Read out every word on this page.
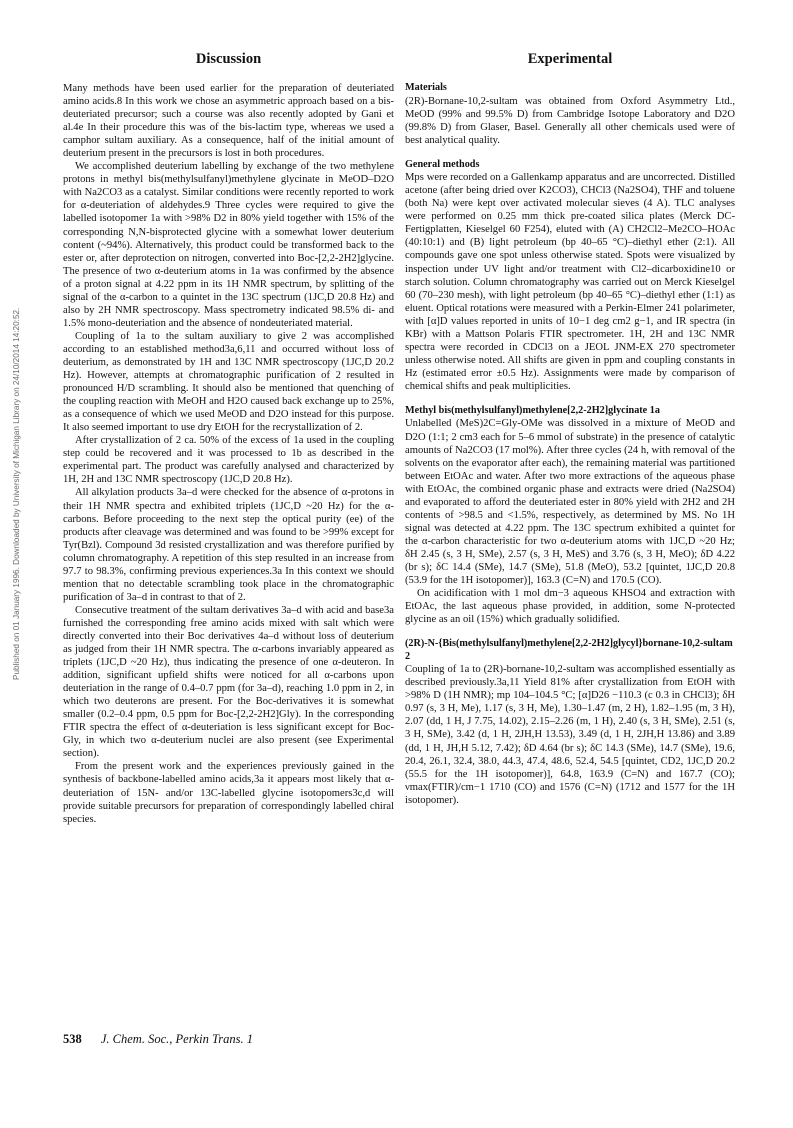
Published on 01 January 1996. Downloaded by University of Michigan Library on 24/10/2014 14:20:52.
Discussion

Many methods have been used earlier for the preparation of deuteriated amino acids.8 In this work we chose an asymmetric approach based on a bis-deuteriated precursor; such a course was also recently adopted by Gani et al.4e In their procedure this was of the bis-lactim type, whereas we used a camphor sultam auxiliary. As a consequence, half of the initial amount of deuterium present in the precursors is lost in both procedures.

We accomplished deuterium labelling by exchange of the two methylene protons in methyl bis(methylsulfanyl)methylene glycinate in MeOD–D2O with Na2CO3 as a catalyst. Similar conditions were recently reported to work for α-deuteriation of aldehydes.9 Three cycles were required to give the labelled isotopomer 1a with >98% D2 in 80% yield together with 15% of the corresponding N,N-bisprotected glycine with a somewhat lower deuterium content (~94%). Alternatively, this product could be transformed back to the ester or, after deprotection on nitrogen, converted into Boc-[2,2-2H2]glycine. The presence of two α-deuterium atoms in 1a was confirmed by the absence of a proton signal at 4.22 ppm in its 1H NMR spectrum, by splitting of the signal of the α-carbon to a quintet in the 13C spectrum (1JC,D 20.8 Hz) and also by 2H NMR spectroscopy. Mass spectrometry indicated 98.5% di- and 1.5% mono-deuteriation and the absence of nondeuteriated material.

Coupling of 1a to the sultam auxiliary to give 2 was accomplished according to an established method3a,6,11 and occurred without loss of deuterium, as demonstrated by 1H and 13C NMR spectroscopy (1JC,D 20.2 Hz). However, attempts at chromatographic purification of 2 resulted in pronounced H/D scrambling. It should also be mentioned that quenching of the coupling reaction with MeOH and H2O caused back exchange up to 25%, as a consequence of which we used MeOD and D2O instead for this purpose. It also seemed important to use dry EtOH for the recrystallization of 2.

After crystallization of 2 ca. 50% of the excess of 1a used in the coupling step could be recovered and it was processed to 1b as described in the experimental part. The product was carefully analysed and characterized by 1H, 2H and 13C NMR spectroscopy (1JC,D 20.8 Hz).

All alkylation products 3a–d were checked for the absence of α-protons in their 1H NMR spectra and exhibited triplets (1JC,D ~20 Hz) for the α-carbons. Before proceeding to the next step the optical purity (ee) of the products after cleavage was determined and was found to be >99% except for Tyr(Bzl). Compound 3d resisted crystallization and was therefore purified by column chromatography. A repetition of this step resulted in an increase from 97.7 to 98.3%, confirming previous experiences.3a In this context we should mention that no detectable scrambling took place in the chromatographic purification of 3a–d in contrast to that of 2.

Consecutive treatment of the sultam derivatives 3a–d with acid and base3a furnished the corresponding free amino acids mixed with salt which were directly converted into their Boc derivatives 4a–d without loss of deuterium as judged from their 1H NMR spectra. The α-carbons invariably appeared as triplets (1JC,D ~20 Hz), thus indicating the presence of one α-deuteron. In addition, significant upfield shifts were noticed for all α-carbons upon deuteriation in the range of 0.4–0.7 ppm (for 3a–d), reaching 1.0 ppm in 2, in which two deuterons are present. For the Boc-derivatives it is somewhat smaller (0.2–0.4 ppm, 0.5 ppm for Boc-[2,2-2H2]Gly). In the corresponding FTIR spectra the effect of α-deuteriation is less significant except for Boc-Gly, in which two α-deuterium nuclei are also present (see Experimental section).

From the present work and the experiences previously gained in the synthesis of backbone-labelled amino acids,3a it appears most likely that α-deuteriation of 15N- and/or 13C-labelled glycine isotopomers3c,d will provide suitable precursors for preparation of correspondingly labelled chiral species.

Experimental

Materials

(2R)-Bornane-10,2-sultam was obtained from Oxford Asymmetry Ltd., MeOD (99% and 99.5% D) from Cambridge Isotope Laboratory and D2O (99.8% D) from Glaser, Basel. Generally all other chemicals used were of best analytical quality.

General methods

Mps were recorded on a Gallenkamp apparatus and are uncorrected. Distilled acetone (after being dried over K2CO3), CHCl3 (Na2SO4), THF and toluene (both Na) were kept over activated molecular sieves (4 A). TLC analyses were performed on 0.25 mm thick pre-coated silica plates (Merck DC-Fertigplatten, Kieselgel 60 F254), eluted with (A) CH2Cl2–Me2CO–HOAc (40:10:1) and (B) light petroleum (bp 40–65 °C)–diethyl ether (2:1). All compounds gave one spot unless otherwise stated. Spots were visualized by inspection under UV light and/or treatment with Cl2–dicarboxidine10 or starch solution. Column chromatography was carried out on Merck Kieselgel 60 (70–230 mesh), with light petroleum (bp 40–65 °C)–diethyl ether (1:1) as eluent. Optical rotations were measured with a Perkin-Elmer 241 polarimeter, with [α]D values reported in units of 10−1 deg cm2 g−1, and IR spectra (in KBr) with a Mattson Polaris FTIR spectrometer. 1H, 2H and 13C NMR spectra were recorded in CDCl3 on a JEOL JNM-EX 270 spectrometer unless otherwise noted. All shifts are given in ppm and coupling constants in Hz (estimated error ±0.5 Hz). Assignments were made by comparison of chemical shifts and peak multiplicities.

Methyl bis(methylsulfanyl)methylene[2,2-2H2]glycinate 1a

Unlabelled (MeS)2C=Gly-OMe was dissolved in a mixture of MeOD and D2O (1:1; 2 cm3 each for 5–6 mmol of substrate) in the presence of catalytic amounts of Na2CO3 (17 mol%). After three cycles (24 h, with removal of the solvents on the evaporator after each), the remaining material was partitioned between EtOAc and water. After two more extractions of the aqueous phase with EtOAc, the combined organic phase and extracts were dried (Na2SO4) and evaporated to afford the deuteriated ester in 80% yield with 2H2 and 2H contents of >98.5 and <1.5%, respectively, as determined by MS. No 1H signal was detected at 4.22 ppm. The 13C spectrum exhibited a quintet for the α-carbon characteristic for two α-deuterium atoms with 1JC,D ~20 Hz; δH 2.45 (s, 3 H, SMe), 2.57 (s, 3 H, MeS) and 3.76 (s, 3 H, MeO); δD 4.22 (br s); δC 14.4 (SMe), 14.7 (SMe), 51.8 (MeO), 53.2 [quintet, 1JC,D 20.8 (53.9 for the 1H isotopomer)], 163.3 (C=N) and 170.5 (CO).

On acidification with 1 mol dm−3 aqueous KHSO4 and extraction with EtOAc, the last aqueous phase provided, in addition, some N-protected glycine as an oil (15%) which gradually solidified.

(2R)-N-{Bis(methylsulfanyl)methylene[2,2-2H2]glycyl}bornane-10,2-sultam 2

Coupling of 1a to (2R)-bornane-10,2-sultam was accomplished essentially as described previously.3a,11 Yield 81% after crystallization from EtOH with >98% D (1H NMR); mp 104–104.5 °C; [α]D26 −110.3 (c 0.3 in CHCl3); δH 0.97 (s, 3 H, Me), 1.17 (s, 3 H, Me), 1.30–1.47 (m, 2 H), 1.82–1.95 (m, 3 H), 2.07 (dd, 1 H, J 7.75, 14.02), 2.15–2.26 (m, 1 H), 2.40 (s, 3 H, SMe), 2.51 (s, 3 H, SMe), 3.42 (d, 1 H, 2JH,H 13.53), 3.49 (d, 1 H, 2JH,H 13.86) and 3.89 (dd, 1 H, JH,H 5.12, 7.42); δD 4.64 (br s); δC 14.3 (SMe), 14.7 (SMe), 19.6, 20.4, 26.1, 32.4, 38.0, 44.3, 47.4, 48.6, 52.4, 54.5 [quintet, CD2, 1JC,D 20.2 (55.5 for the 1H isotopomer)], 64.8, 163.9 (C=N) and 167.7 (CO); νmax(FTIR)/cm−1 1710 (CO) and 1576 (C=N) (1712 and 1577 for the 1H isotopomer).

538 J. Chem. Soc., Perkin Trans. 1
